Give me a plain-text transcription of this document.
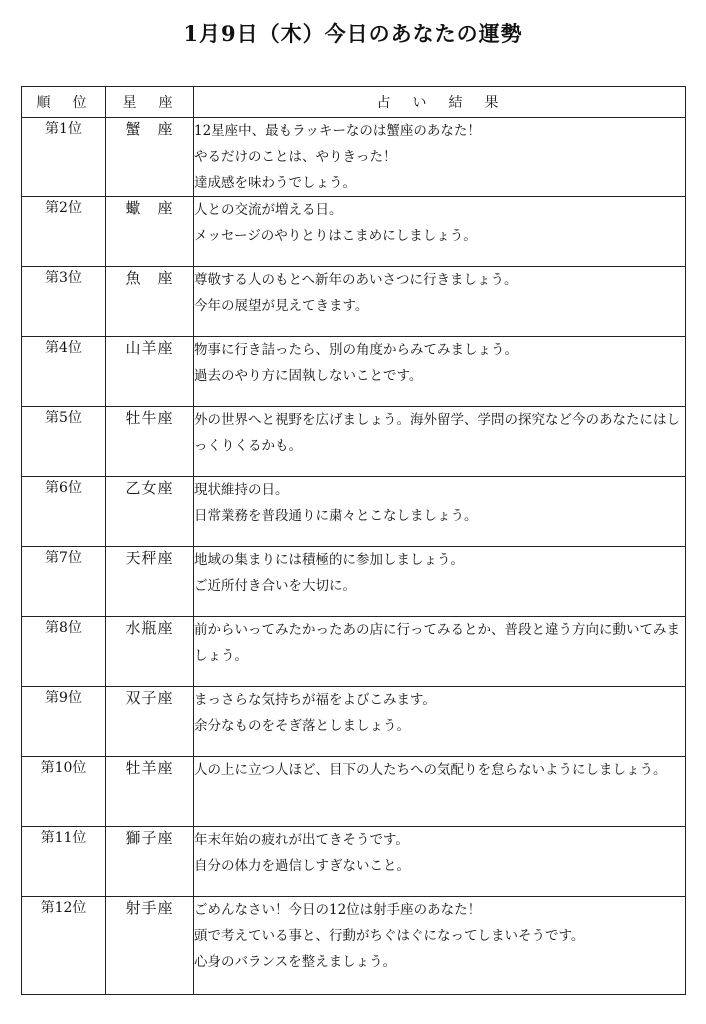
1月9日（木）今日のあなたの運勢
順　位	星　座	占　い　結　果
第1位	蟹　座	12星座中、最もラッキーなのは蟹座のあなた！
やるだけのことは、やりきった！
達成感を味わうでしょう。

第2位	蠍　座	人との交流が増える日。
メッセージのやりとりはこまめにしましょう。

第3位	魚　座	尊敬する人のもとへ新年のあいさつに行きましょう。
今年の展望が見えてきます。

第4位	山羊座	物事に行き詰ったら、別の角度からみてみましょう。
過去のやり方に固執しないことです。

第5位	牡牛座	外の世界へと視野を広げましょう。海外留学、学問の探究など今のあなたにはしっくりくるかも。

第6位	乙女座	現状維持の日。
日常業務を普段通りに粛々とこなしましょう。

第7位	天秤座	地域の集まりには積極的に参加しましょう。
ご近所付き合いを大切に。

第8位	水瓶座	前からいってみたかったあの店に行ってみるとか、普段と違う方向に動いてみましょう。

第9位	双子座	まっさらな気持ちが福をよびこみます。
余分なものをそぎ落としましょう。

第10位	牡羊座	人の上に立つ人ほど、目下の人たちへの気配りを怠らないようにしましょう。

第11位	獅子座	年末年始の疲れが出てきそうです。
自分の体力を過信しすぎないこと。

第12位	射手座	ごめんなさい！今日の12位は射手座のあなた！
頭で考えている事と、行動がちぐはぐになってしまいそうです。
心身のバランスを整えましょう。
